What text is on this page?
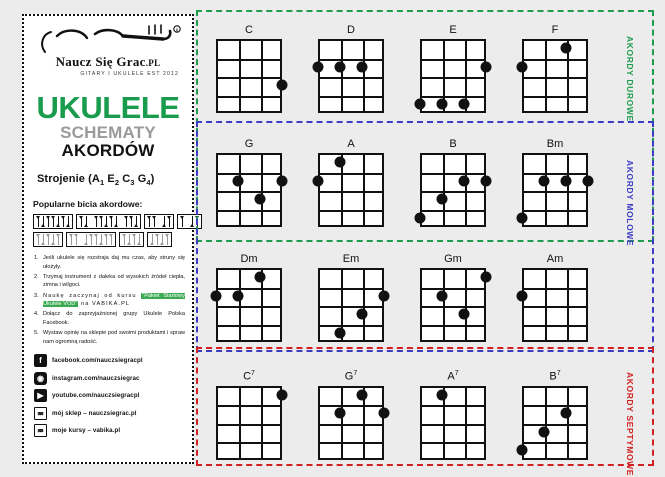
R
Naucz Się Grac.PL
GITARY I UKULELE EST 2012
UKULELE
SCHEMATY
AKORDÓW
Strojenie ($A_1$ $E_2$ $C_3$ $G_4$)
Popularne bicia akordowe:
1. Jeśli ukulele się rozstraja daj mu czas, aby struny się ułożyły.
2. Trzymaj instrument z daleka od wysokich źródeł ciepła, zimna i wilgoci.
3. Naukę zaczynaj od kursu "Pakiet Startowy Ukulele VOD" na VABIKA.PL
4. Dołącz do zaprzyjaźnionej grupy Ukulele Polska Facebook.
5. Wystaw opinię na sklepie pod swoimi produktami i spraw nam ogromną radość.
f	facebook.com/nauczsiegracpl
◉	instagram.com/nauczsiegrac
▶	youtube.com/nauczsiegracpl
⌨	mój sklep – nauczsiegrac.pl
⌨	moje kursy – vabika.pl
C	D	E	F
G	A	B	Bm
Dm	Em	Gm	Am
$C^7$	$G^7$	$A^7$	$B^7$
AKORDY DUROWE
AKORDY MOLOWE
AKORDY SEPTYMOWE
